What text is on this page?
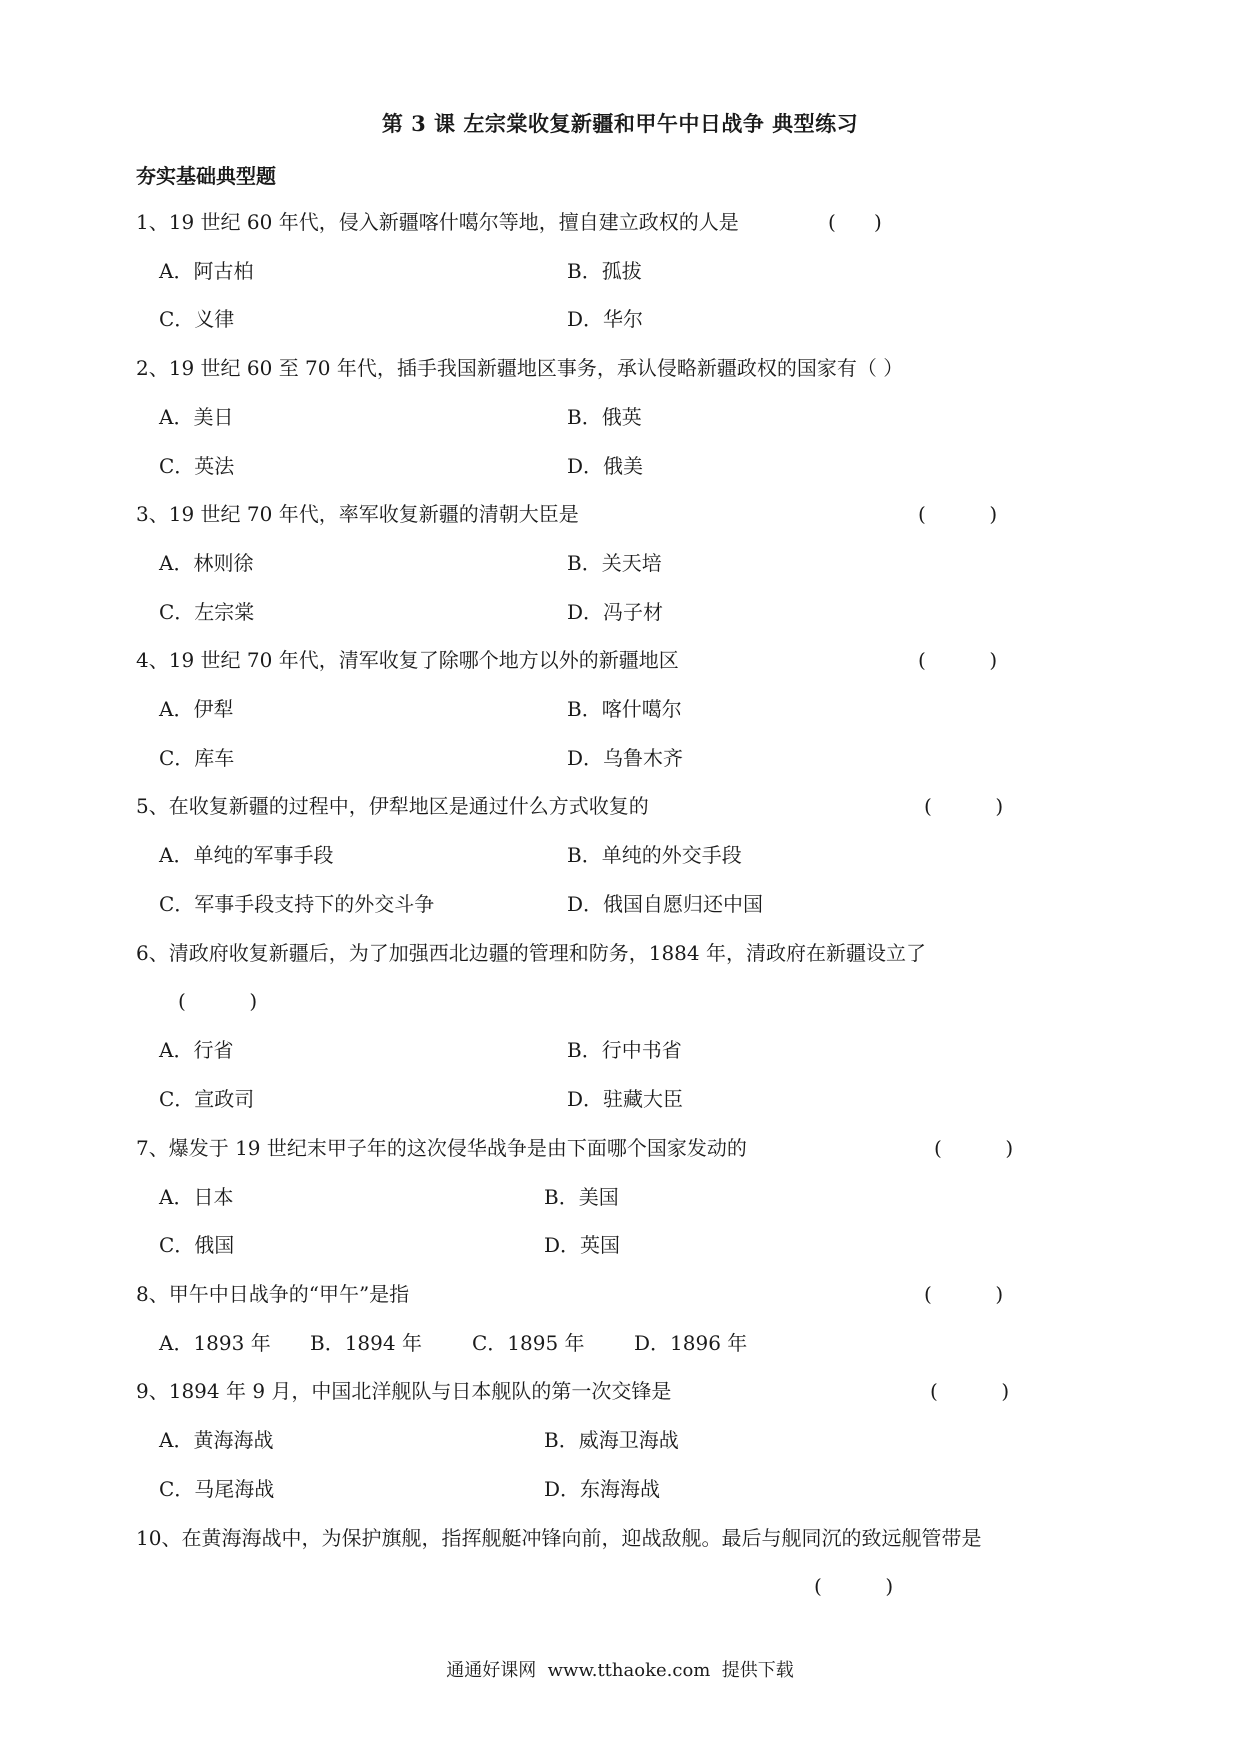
第 3 课 左宗棠收复新疆和甲午中日战争 典型练习
夯实基础典型题
1、19 世纪 60 年代，侵入新疆喀什噶尔等地，擅自建立政权的人是	(      )
A．阿古柏	B．孤拔
C．义律	D．华尔
2、19 世纪 60 至 70 年代，插手我国新疆地区事务，承认侵略新疆政权的国家有（ ）
A．美日	B．俄英
C．英法	D．俄美
3、19 世纪 70 年代，率军收复新疆的清朝大臣是	(          )
A．林则徐	B．关天培
C．左宗棠	D．冯子材
4、19 世纪 70 年代，清军收复了除哪个地方以外的新疆地区	(          )
A．伊犁	B．喀什噶尔
C．库车	D．乌鲁木齐
5、在收复新疆的过程中，伊犁地区是通过什么方式收复的	(          )
A．单纯的军事手段	B．单纯的外交手段
C．军事手段支持下的外交斗争	D．俄国自愿归还中国
6、清政府收复新疆后，为了加强西北边疆的管理和防务，1884 年，清政府在新疆设立了
(          )
A．行省	B．行中书省
C．宣政司	D．驻藏大臣
7、爆发于 19 世纪末甲子年的这次侵华战争是由下面哪个国家发动的	(          )
A．日本	B．美国
C．俄国	D．英国
8、甲午中日战争的“甲午”是指	(          )
A．1893 年 B．1894 年	C．1895 年 D．1896 年
9、1894 年 9 月，中国北洋舰队与日本舰队的第一次交锋是	(          )
A．黄海海战	B．威海卫海战
C．马尾海战	D．东海海战
10、在黄海海战中，为保护旗舰，指挥舰艇冲锋向前，迎战敌舰。最后与舰同沉的致远舰管带是
(          )
通通好课网  www.tthaoke.com  提供下载
